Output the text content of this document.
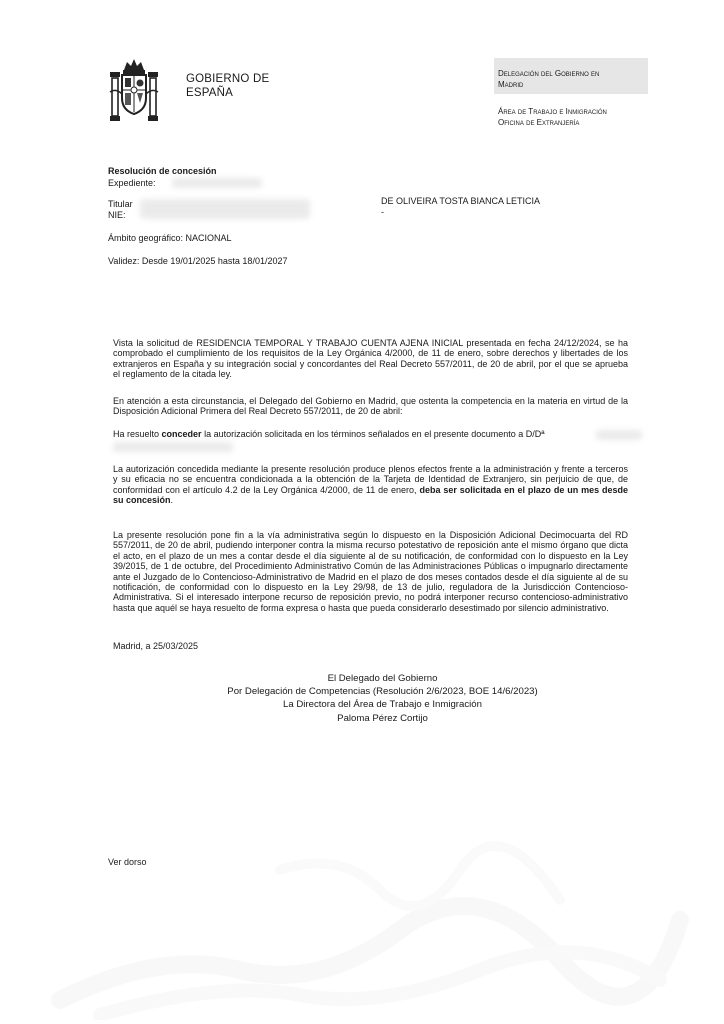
GOBIERNO DE
ESPAÑA
Delegación del Gobierno en
Madrid
Área de Trabajo e Inmigración
Oficina de Extranjería
Resolución de concesión
Expediente:
Titular
NIE:
DE OLIVEIRA TOSTA BIANCA LETICIA
-
Ámbito geográfico: NACIONAL
Validez: Desde 19/01/2025 hasta 18/01/2027

Vista la solicitud de RESIDENCIA TEMPORAL Y TRABAJO CUENTA AJENA INICIAL presentada en fecha 24/12/2024, se ha comprobado el cumplimiento de los requisitos de la Ley Orgánica 4/2000, de 11 de enero, sobre derechos y libertades de los extranjeros en España y su integración social y concordantes del Real Decreto 557/2011, de 20 de abril, por el que se aprueba el reglamento de la citada ley.

En atención a esta circunstancia, el Delegado del Gobierno en Madrid, que ostenta la competencia en la materia en virtud de la Disposición Adicional Primera del Real Decreto 557/2011, de 20 de abril:

Ha resuelto conceder la autorización solicitada en los términos señalados en el presente documento a D/Dª

La autorización concedida mediante la presente resolución produce plenos efectos frente a la administración y frente a terceros y su eficacia no se encuentra condicionada a la obtención de la Tarjeta de Identidad de Extranjero, sin perjuicio de que, de conformidad con el artículo 4.2 de la Ley Orgánica 4/2000, de 11 de enero, deba ser solicitada en el plazo de un mes desde su concesión.

La presente resolución pone fin a la vía administrativa según lo dispuesto en la Disposición Adicional Decimocuarta del RD 557/2011, de 20 de abril, pudiendo interponer contra la misma recurso potestativo de reposición ante el mismo órgano que dicta el acto, en el plazo de un mes a contar desde el día siguiente al de su notificación, de conformidad con lo dispuesto en la Ley 39/2015, de 1 de octubre, del Procedimiento Administrativo Común de las Administraciones Públicas o impugnarlo directamente ante el Juzgado de lo Contencioso-Administrativo de Madrid en el plazo de dos meses contados desde el día siguiente al de su notificación, de conformidad con lo dispuesto en la Ley 29/98, de 13 de julio, reguladora de la Jurisdicción Contencioso-Administrativa. Si el interesado interpone recurso de reposición previo, no podrá interponer recurso contencioso-administrativo hasta que aquél se haya resuelto de forma expresa o hasta que pueda considerarlo desestimado por silencio administrativo.

Madrid, a 25/03/2025
El Delegado del Gobierno
Por Delegación de Competencias (Resolución 2/6/2023, BOE 14/6/2023)
La Directora del Área de Trabajo e Inmigración
Paloma Pérez Cortijo
Ver dorso
